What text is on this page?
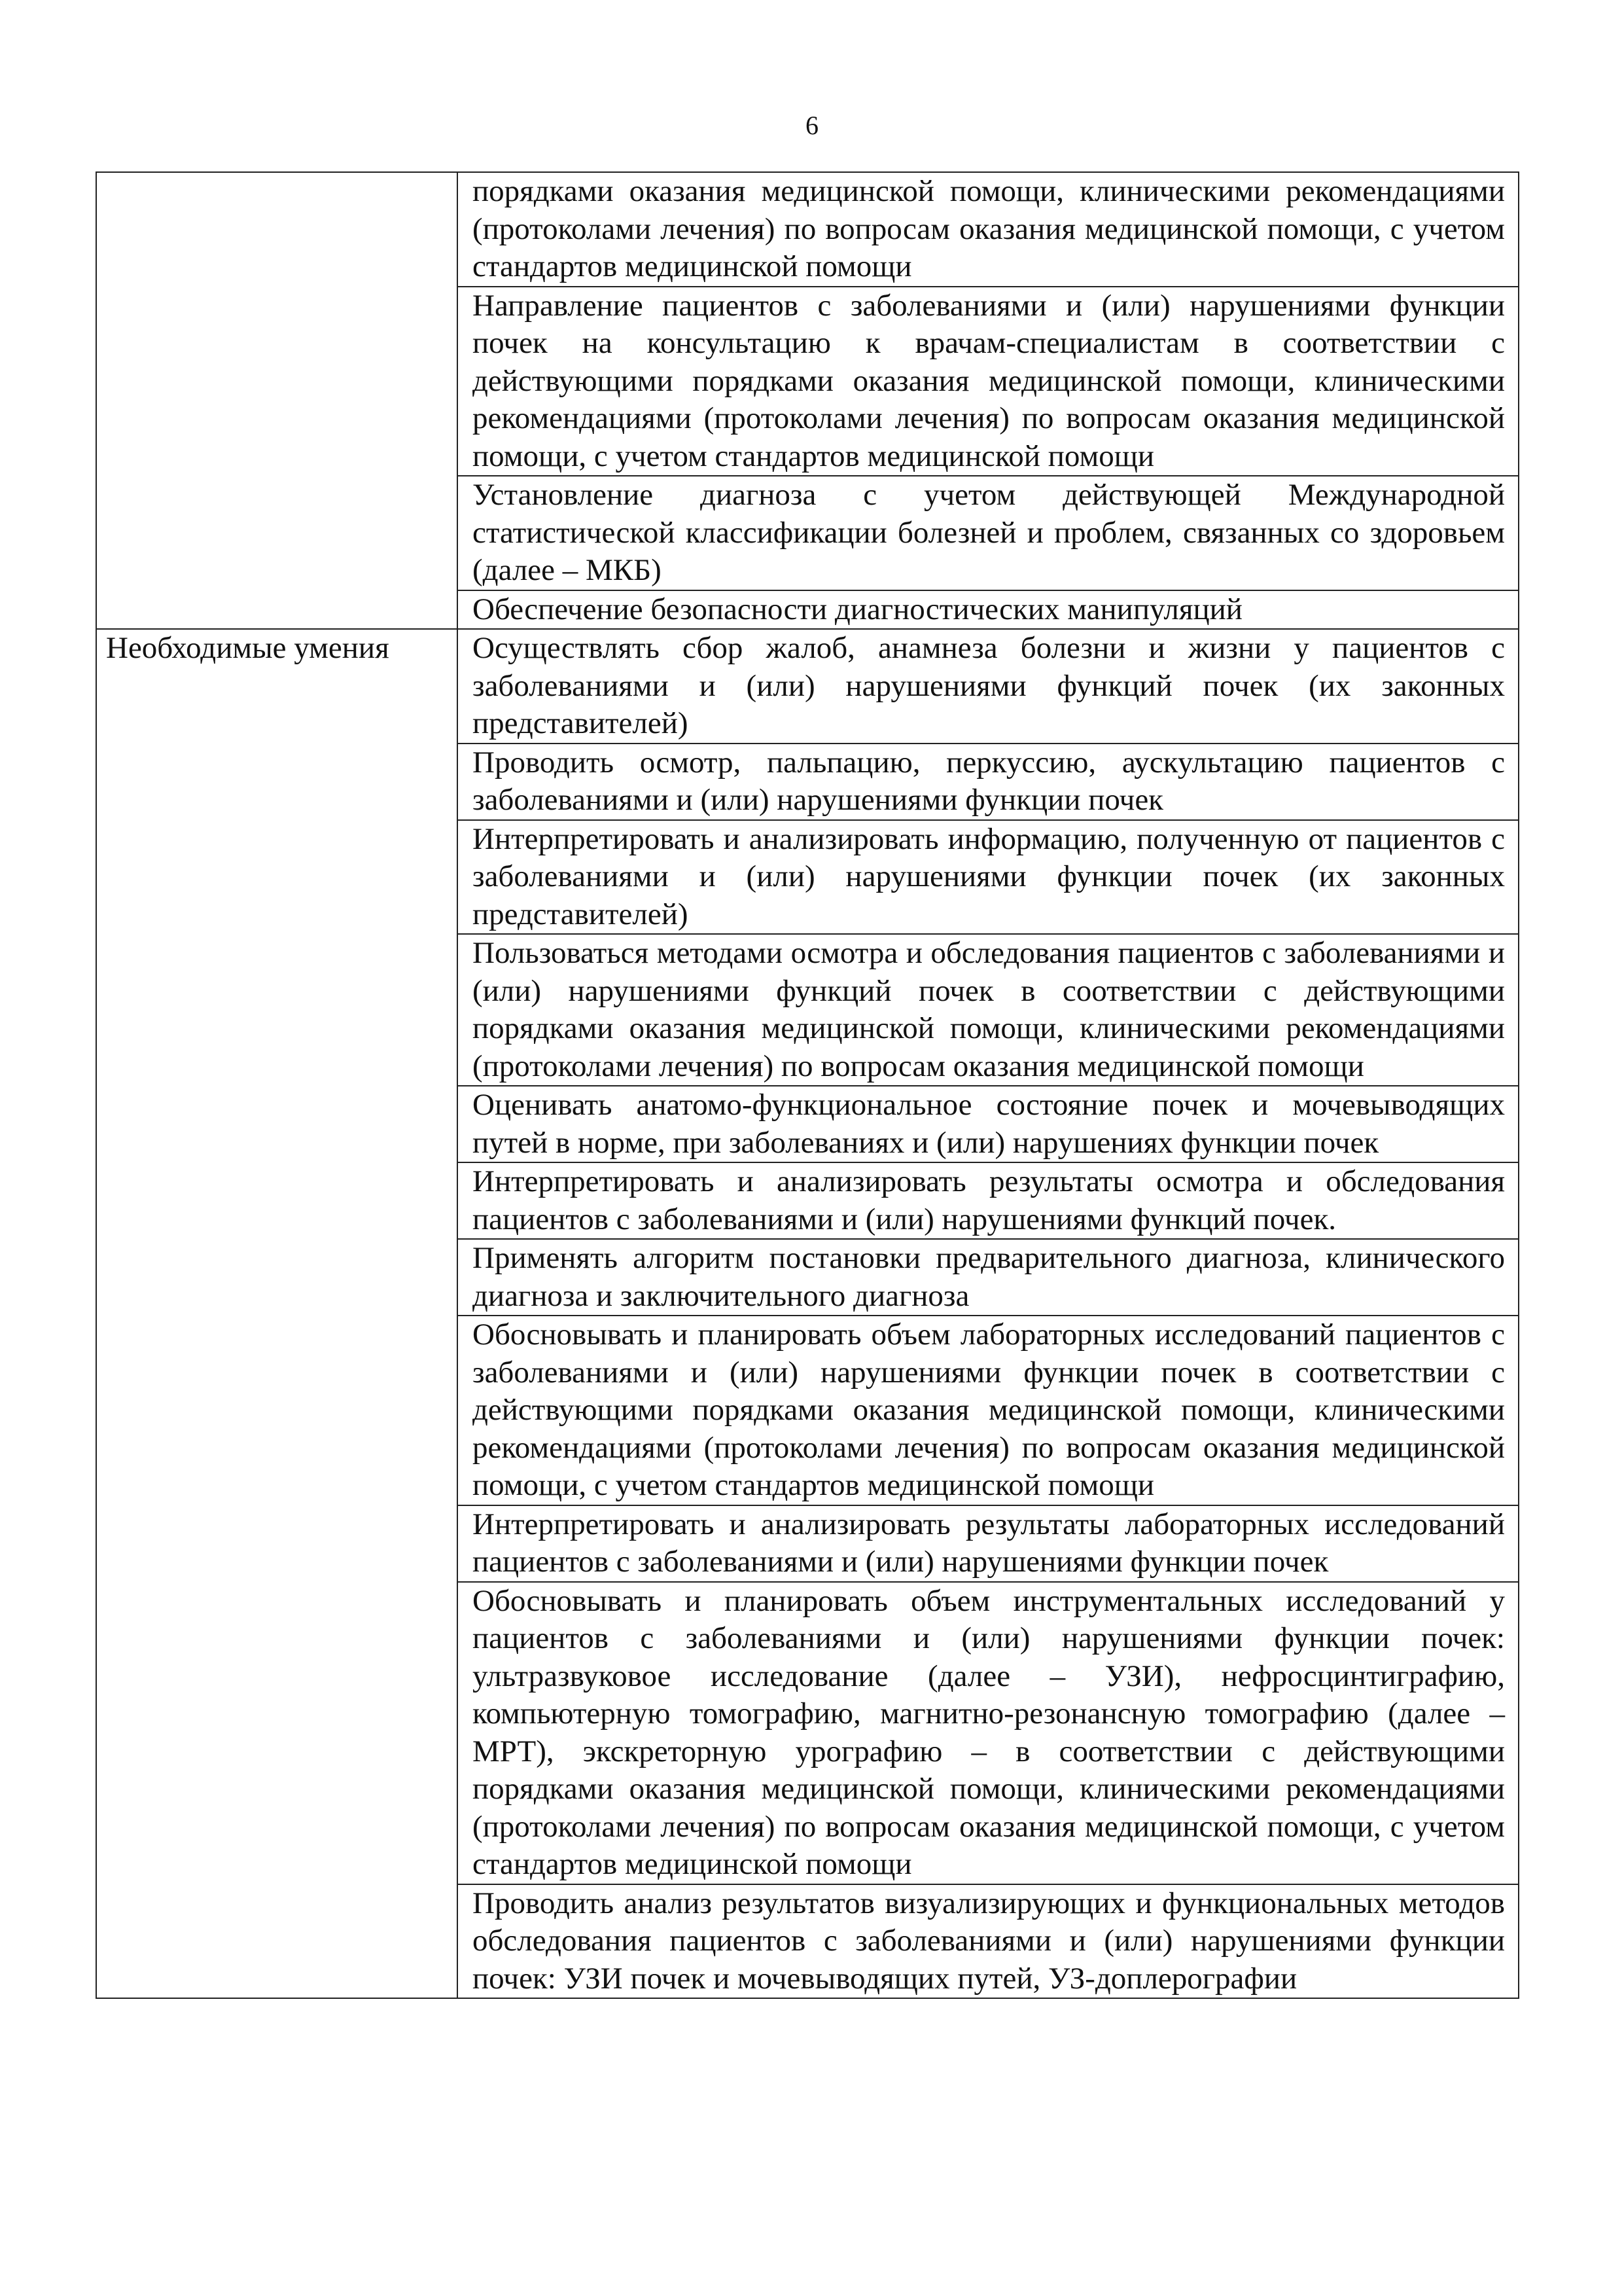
6
	порядками оказания медицинской помощи, клиническими рекомендациями (протоколами лечения) по вопросам оказания медицинской помощи, с учетом стандартов медицинской помощи
	Направление пациентов с заболеваниями и (или) нарушениями функции почек на консультацию к врачам-специалистам в соответствии с действующими порядками оказания медицинской помощи, клиническими рекомендациями (протоколами лечения) по вопросам оказания медицинской помощи, с учетом стандартов медицинской помощи
	Установление диагноза с учетом действующей Международной статистической классификации болезней и проблем, связанных со здоровьем (далее – МКБ)
	Обеспечение безопасности диагностических манипуляций

Необходимые умения	Осуществлять сбор жалоб, анамнеза болезни и жизни у пациентов с заболеваниями и (или) нарушениями функций почек (их законных представителей)
	Проводить осмотр, пальпацию, перкуссию, аускультацию пациентов с заболеваниями и (или) нарушениями функции почек
	Интерпретировать и анализировать информацию, полученную от пациентов с заболеваниями и (или) нарушениями функции почек (их законных представителей)
	Пользоваться методами осмотра и обследования пациентов с заболеваниями и (или) нарушениями функций почек в соответствии с действующими порядками оказания медицинской помощи, клиническими рекомендациями (протоколами лечения) по вопросам оказания медицинской помощи
	Оценивать анатомо-функциональное состояние почек и мочевыводящих путей в норме, при заболеваниях и (или) нарушениях функции почек
	Интерпретировать и анализировать результаты осмотра и обследования пациентов с заболеваниями и (или) нарушениями функций почек.
	Применять алгоритм постановки предварительного диагноза, клинического диагноза и заключительного диагноза
	Обосновывать и планировать объем лабораторных исследований пациентов с заболеваниями и (или) нарушениями функции почек в соответствии с действующими порядками оказания медицинской помощи, клиническими рекомендациями (протоколами лечения) по вопросам оказания медицинской помощи, с учетом стандартов медицинской помощи
	Интерпретировать и анализировать результаты лабораторных исследований пациентов с заболеваниями и (или) нарушениями функции почек
	Обосновывать и планировать объем инструментальных исследований у пациентов с заболеваниями и (или) нарушениями функции почек: ультразвуковое исследование (далее – УЗИ), нефросцинтиграфию, компьютерную томографию, магнитно-резонансную томографию (далее – МРТ), экскреторную урографию – в соответствии с действующими порядками оказания медицинской помощи, клиническими рекомендациями (протоколами лечения) по вопросам оказания медицинской помощи, с учетом стандартов медицинской помощи
	Проводить анализ результатов визуализирующих и функциональных методов обследования пациентов с заболеваниями и (или) нарушениями функции почек: УЗИ почек и мочевыводящих путей, УЗ-доплерографии
